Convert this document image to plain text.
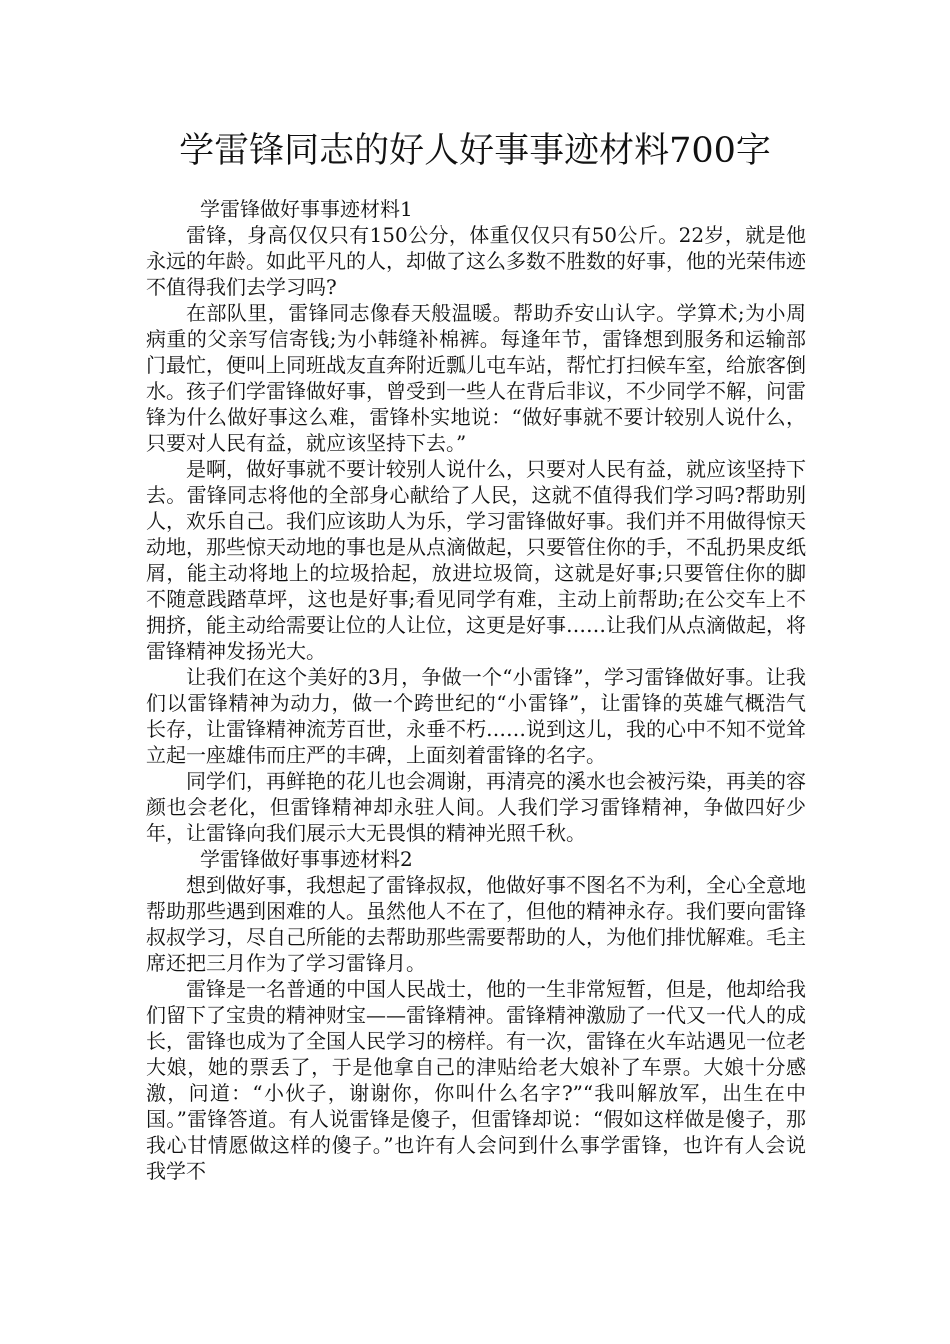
学雷锋同志的好人好事事迹材料700字

学雷锋做好事事迹材料1

雷锋，身高仅仅只有150公分，体重仅仅只有50公斤。22岁，就是他永远的年龄。如此平凡的人，却做了这么多数不胜数的好事，他的光荣伟迹不值得我们去学习吗?

在部队里，雷锋同志像春天般温暖。帮助乔安山认字。学算术;为小周病重的父亲写信寄钱;为小韩缝补棉裤。每逢年节，雷锋想到服务和运输部门最忙，便叫上同班战友直奔附近瓢儿屯车站，帮忙打扫候车室，给旅客倒水。孩子们学雷锋做好事，曾受到一些人在背后非议，不少同学不解，问雷锋为什么做好事这么难，雷锋朴实地说：“做好事就不要计较别人说什么，只要对人民有益，就应该坚持下去。”

是啊，做好事就不要计较别人说什么，只要对人民有益，就应该坚持下去。雷锋同志将他的全部身心献给了人民，这就不值得我们学习吗?帮助别人，欢乐自己。我们应该助人为乐，学习雷锋做好事。我们并不用做得惊天动地，那些惊天动地的事也是从点滴做起，只要管住你的手，不乱扔果皮纸屑，能主动将地上的垃圾拾起，放进垃圾筒，这就是好事;只要管住你的脚不随意践踏草坪，这也是好事;看见同学有难，主动上前帮助;在公交车上不拥挤，能主动给需要让位的人让位，这更是好事……让我们从点滴做起，将雷锋精神发扬光大。

让我们在这个美好的3月，争做一个“小雷锋”，学习雷锋做好事。让我们以雷锋精神为动力，做一个跨世纪的“小雷锋”，让雷锋的英雄气概浩气长存，让雷锋精神流芳百世，永垂不朽……说到这儿，我的心中不知不觉耸立起一座雄伟而庄严的丰碑，上面刻着雷锋的名字。

同学们，再鲜艳的花儿也会凋谢，再清亮的溪水也会被污染，再美的容颜也会老化，但雷锋精神却永驻人间。人我们学习雷锋精神，争做四好少年，让雷锋向我们展示大无畏惧的精神光照千秋。

学雷锋做好事事迹材料2

想到做好事，我想起了雷锋叔叔，他做好事不图名不为利，全心全意地帮助那些遇到困难的人。虽然他人不在了，但他的精神永存。我们要向雷锋叔叔学习，尽自己所能的去帮助那些需要帮助的人，为他们排忧解难。毛主席还把三月作为了学习雷锋月。

雷锋是一名普通的中国人民战士，他的一生非常短暂，但是，他却给我们留下了宝贵的精神财宝——雷锋精神。雷锋精神激励了一代又一代人的成长，雷锋也成为了全国人民学习的榜样。有一次，雷锋在火车站遇见一位老大娘，她的票丢了，于是他拿自己的津贴给老大娘补了车票。大娘十分感激，问道：“小伙子，谢谢你，你叫什么名字?”“我叫解放军，出生在中国。”雷锋答道。有人说雷锋是傻子，但雷锋却说：“假如这样做是傻子，那我心甘情愿做这样的傻子。”也许有人会问到什么事学雷锋，也许有人会说我学不
